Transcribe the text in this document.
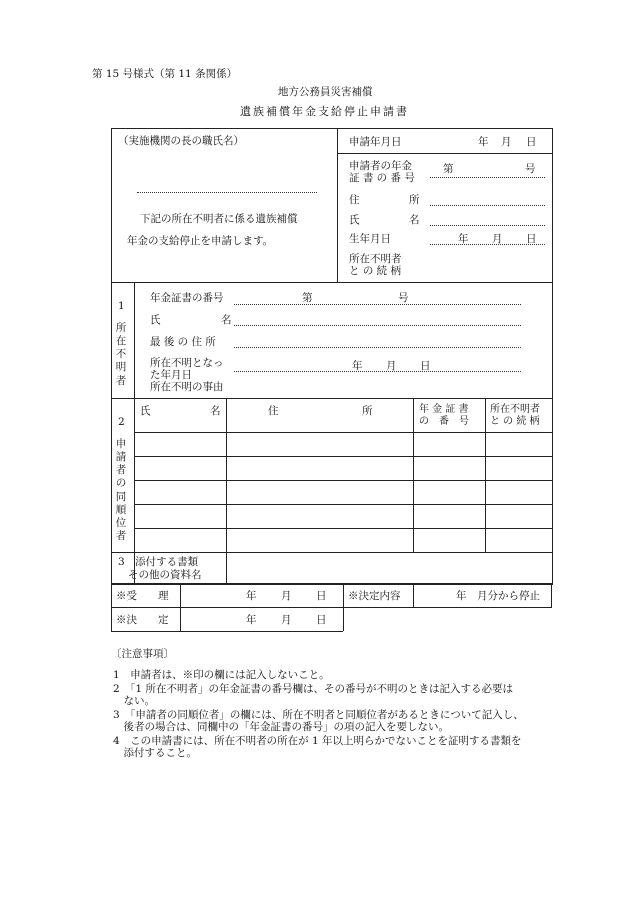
第 15 号様式（第 11 条関係）
地方公務員災害補償
遺族補償年金支給停止申請書
（実施機関の長の職氏名）
下記の所在不明者に係る遺族補償
年金の支給停止を申請します。
申請年月日	年 月 日
申請者の年金
証 書 の 番 号
第	号
住	所
氏	名
生年月日	年 月 日
所在不明者
と の 続 柄
1
所
在
不
明
者
年金証書の番号	第	号
氏	名
最 後 の 住 所
所在不明となっ
た年月日
年 月 日
所在不明の事由
2
申
請
者
の
同
順
位
者
氏	名	住	所	年 金 証 書
の　番　号
所在不明者
と の 続 柄
3　添付する書類
その他の資料名
※受　　理	年 月 日 ※決定内容	年 月分から停止
※決　　定	年 月 日
〔注意事項〕
1　申請者は、※印の欄には記入しないこと。
2　「1 所在不明者」の年金証書の番号欄は、その番号が不明のときは記入する必要は
　ない。
3　「申請者の同順位者」の欄には、所在不明者と同順位者があるときについて記入し、
　後者の場合は、同欄中の「年金証書の番号」の項の記入を要しない。
4　この申請書には、所在不明者の所在が 1 年以上明らかでないことを証明する書類を
　添付すること。
